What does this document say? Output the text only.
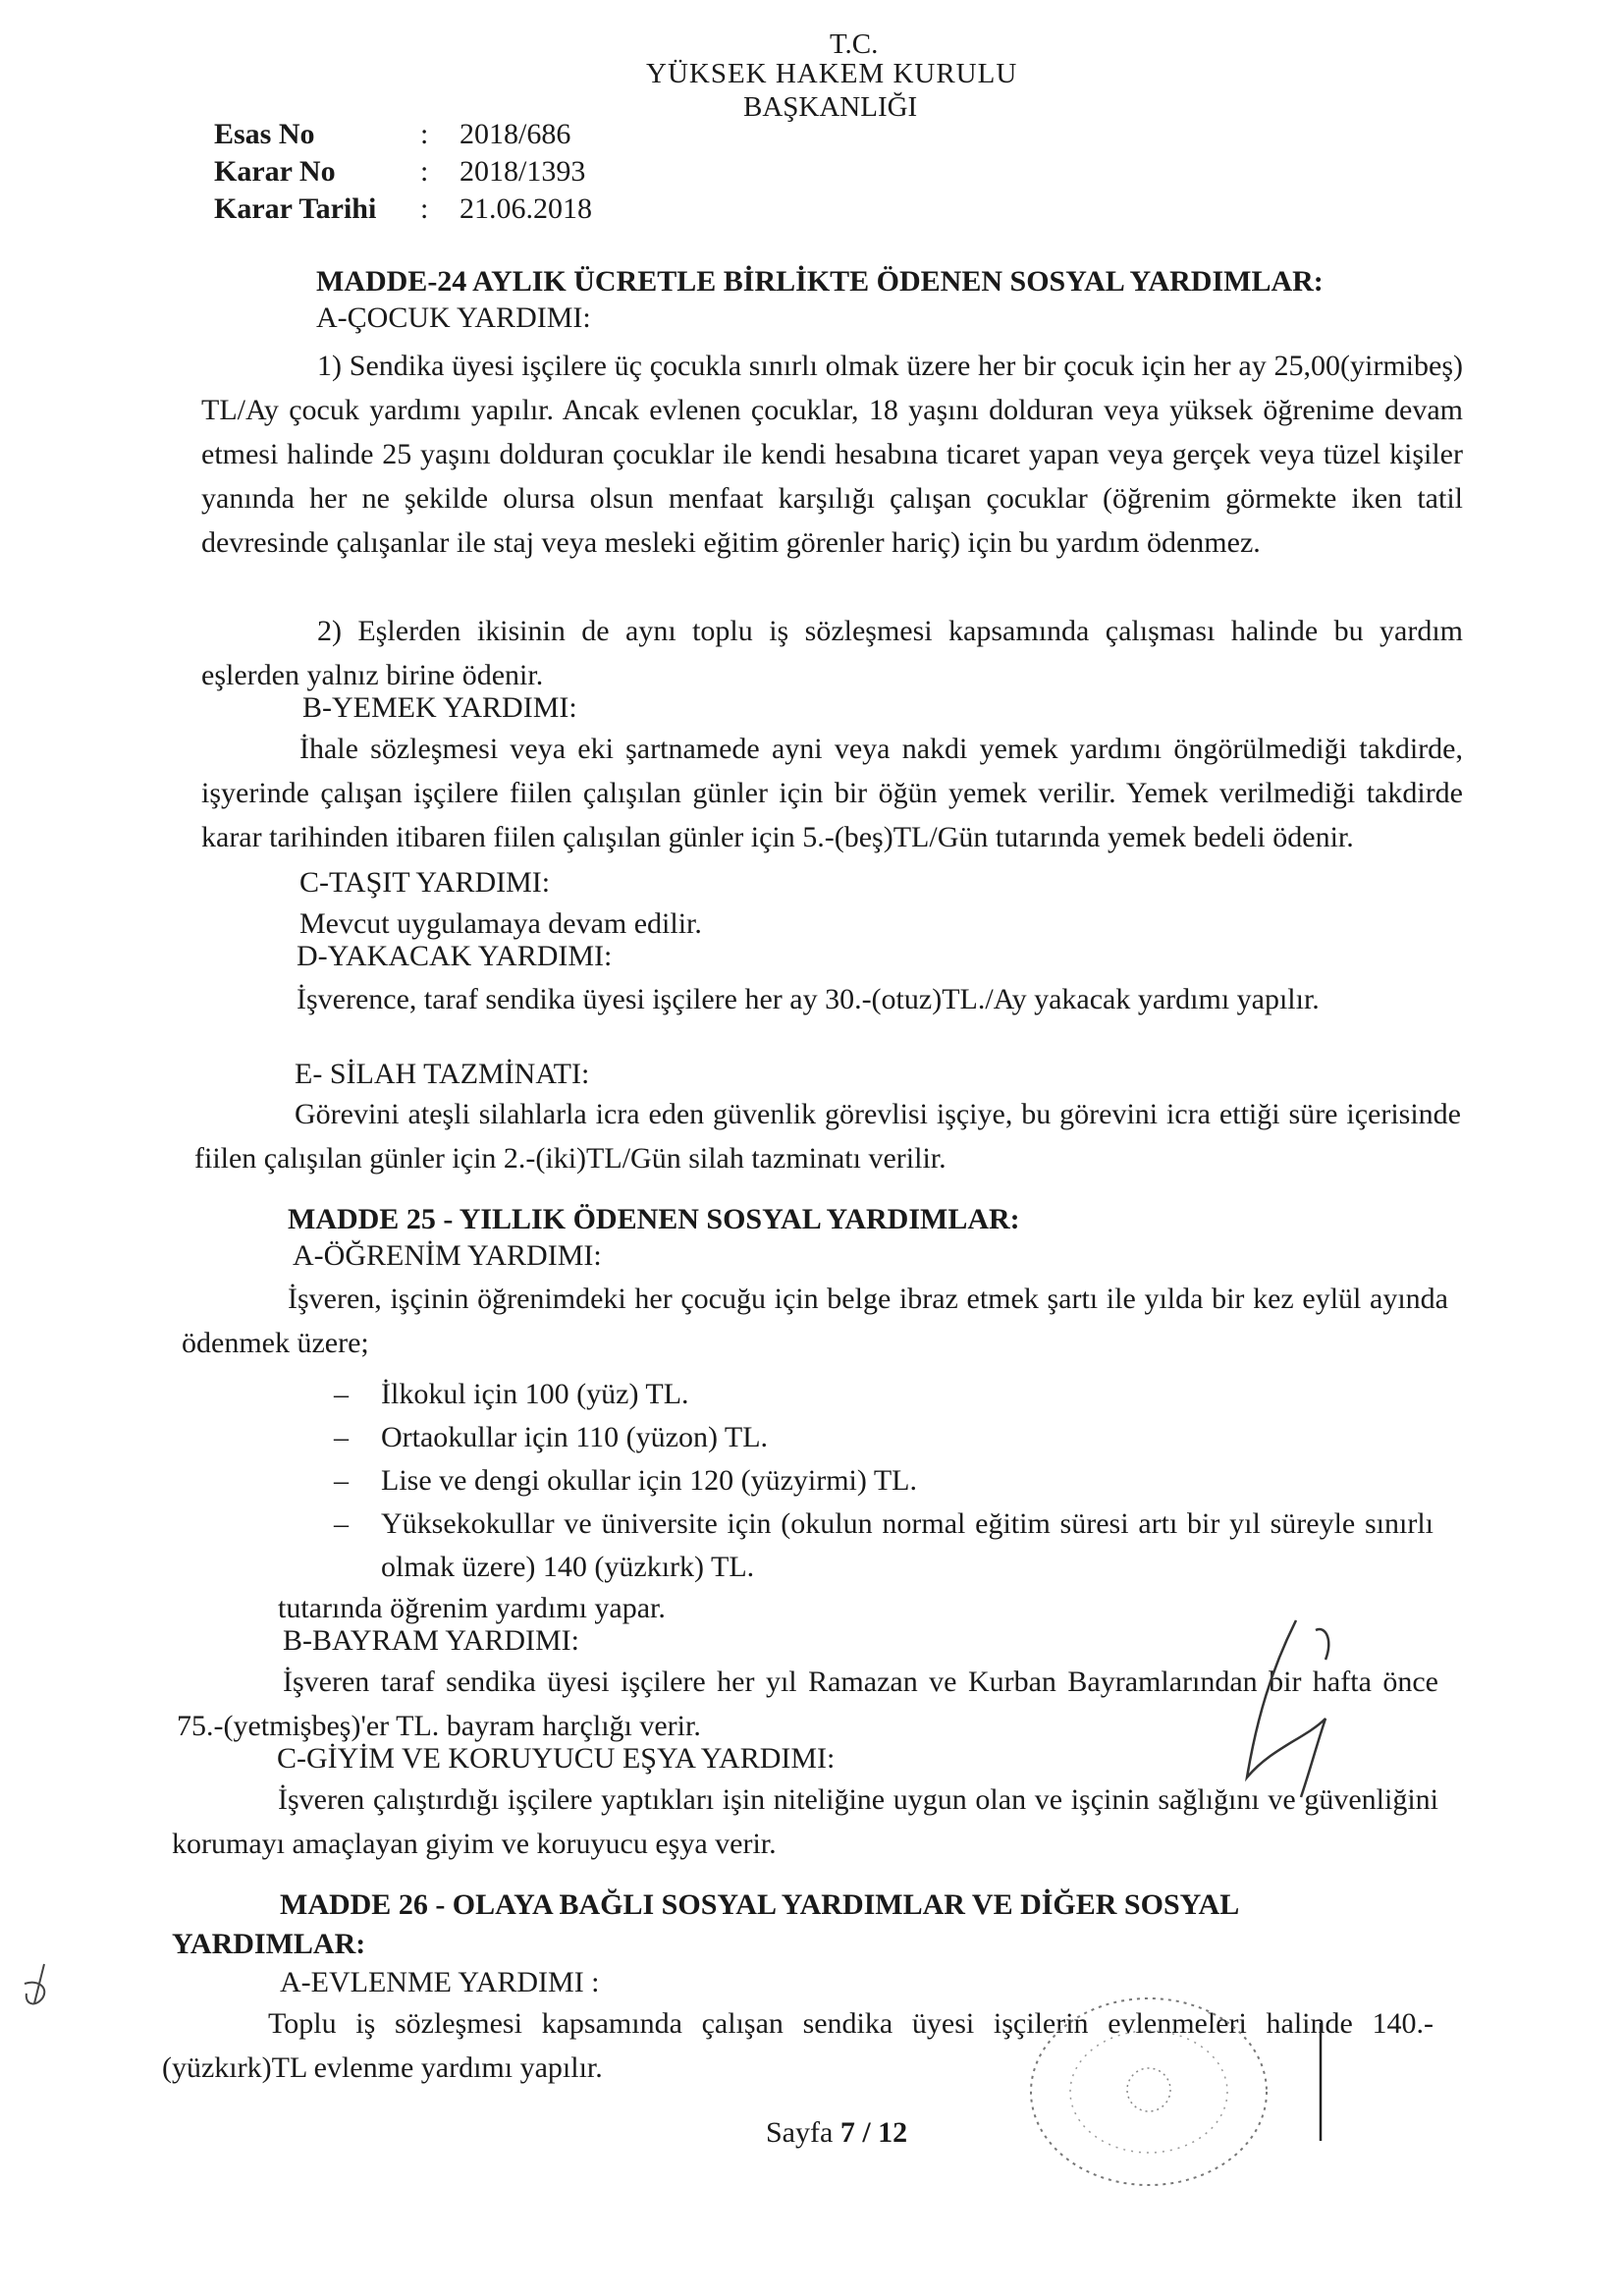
T.C.
YÜKSEK HAKEM KURULU
BAŞKANLIĞI
Esas No	: 2018/686
Karar No	: 2018/1393
Karar Tarihi : 21.06.2018
MADDE-24 AYLIK ÜCRETLE BİRLİKTE ÖDENEN SOSYAL YARDIMLAR:
A-ÇOCUK YARDIMI:
1) Sendika üyesi işçilere üç çocukla sınırlı olmak üzere her bir çocuk için her ay 25,00(yirmibeş) TL/Ay çocuk yardımı yapılır. Ancak evlenen çocuklar, 18 yaşını dolduran veya yüksek öğrenime devam etmesi halinde 25 yaşını dolduran çocuklar ile kendi hesabına ticaret yapan veya gerçek veya tüzel kişiler yanında her ne şekilde olursa olsun menfaat karşılığı çalışan çocuklar (öğrenim görmekte iken tatil devresinde çalışanlar ile staj veya mesleki eğitim görenler hariç) için bu yardım ödenmez.
2) Eşlerden ikisinin de aynı toplu iş sözleşmesi kapsamında çalışması halinde bu yardım eşlerden yalnız birine ödenir.
B-YEMEK YARDIMI:
İhale sözleşmesi veya eki şartnamede ayni veya nakdi yemek yardımı öngörülmediği takdirde, işyerinde çalışan işçilere fiilen çalışılan günler için bir öğün yemek verilir. Yemek verilmediği takdirde karar tarihinden itibaren fiilen çalışılan günler için 5.-(beş)TL/Gün tutarında yemek bedeli ödenir.
C-TAŞIT YARDIMI:
Mevcut uygulamaya devam edilir.
D-YAKACAK YARDIMI:
İşverence, taraf sendika üyesi işçilere her ay 30.-(otuz)TL./Ay yakacak yardımı yapılır.
E- SİLAH TAZMİNATI:
Görevini ateşli silahlarla icra eden güvenlik görevlisi işçiye, bu görevini icra ettiği süre içerisinde fiilen çalışılan günler için 2.-(iki)TL/Gün silah tazminatı verilir.
MADDE 25 - YILLIK ÖDENEN SOSYAL YARDIMLAR:
A-ÖĞRENİM YARDIMI:
İşveren, işçinin öğrenimdeki her çocuğu için belge ibraz etmek şartı ile yılda bir kez eylül ayında ödenmek üzere;
– İlkokul için 100 (yüz) TL.
– Ortaokullar için 110 (yüzon) TL.
– Lise ve dengi okullar için 120 (yüzyirmi) TL.
– Yüksekokullar ve üniversite için (okulun normal eğitim süresi artı bir yıl süreyle sınırlı olmak üzere) 140 (yüzkırk) TL.
tutarında öğrenim yardımı yapar.
B-BAYRAM YARDIMI:
İşveren taraf sendika üyesi işçilere her yıl Ramazan ve Kurban Bayramlarından bir hafta önce 75.-(yetmişbeş)'er TL. bayram harçlığı verir.
C-GİYİM VE KORUYUCU EŞYA YARDIMI:
İşveren çalıştırdığı işçilere yaptıkları işin niteliğine uygun olan ve işçinin sağlığını ve güvenliğini korumayı amaçlayan giyim ve koruyucu eşya verir.
MADDE 26 - OLAYA BAĞLI SOSYAL YARDIMLAR VE DİĞER SOSYAL YARDIMLAR:
A-EVLENME YARDIMI :
Toplu iş sözleşmesi kapsamında çalışan sendika üyesi işçilerin evlenmeleri halinde 140.-(yüzkırk)TL evlenme yardımı yapılır.
Sayfa 7 / 12
